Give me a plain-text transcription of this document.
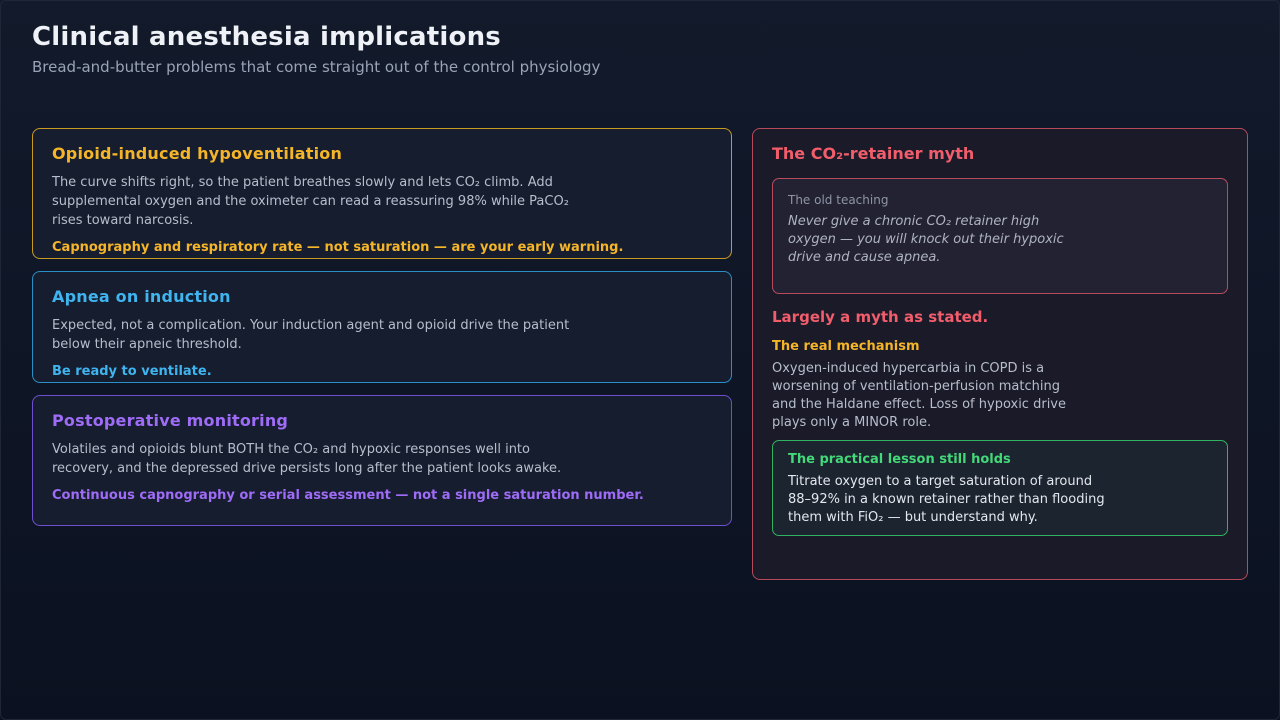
Clinical anesthesia implications
Bread-and-butter problems that come straight out of the control physiology
Opioid-induced hypoventilation
The curve shifts right, so the patient breathes slowly and lets CO₂ climb. Add supplemental oxygen and the oximeter can read a reassuring 98% while PaCO₂ rises toward narcosis.
Capnography and respiratory rate — not saturation — are your early warning.
Apnea on induction
Expected, not a complication. Your induction agent and opioid drive the patient below their apneic threshold.
Be ready to ventilate.
Postoperative monitoring
Volatiles and opioids blunt BOTH the CO₂ and hypoxic responses well into recovery, and the depressed drive persists long after the patient looks awake.
Continuous capnography or serial assessment — not a single saturation number.
The CO₂-retainer myth
The old teaching
Never give a chronic CO₂ retainer high oxygen — you will knock out their hypoxic drive and cause apnea.
Largely a myth as stated.
The real mechanism
Oxygen-induced hypercarbia in COPD is a worsening of ventilation-perfusion matching and the Haldane effect. Loss of hypoxic drive plays only a MINOR role.
The practical lesson still holds
Titrate oxygen to a target saturation of around 88–92% in a known retainer rather than flooding them with FiO₂ — but understand why.
